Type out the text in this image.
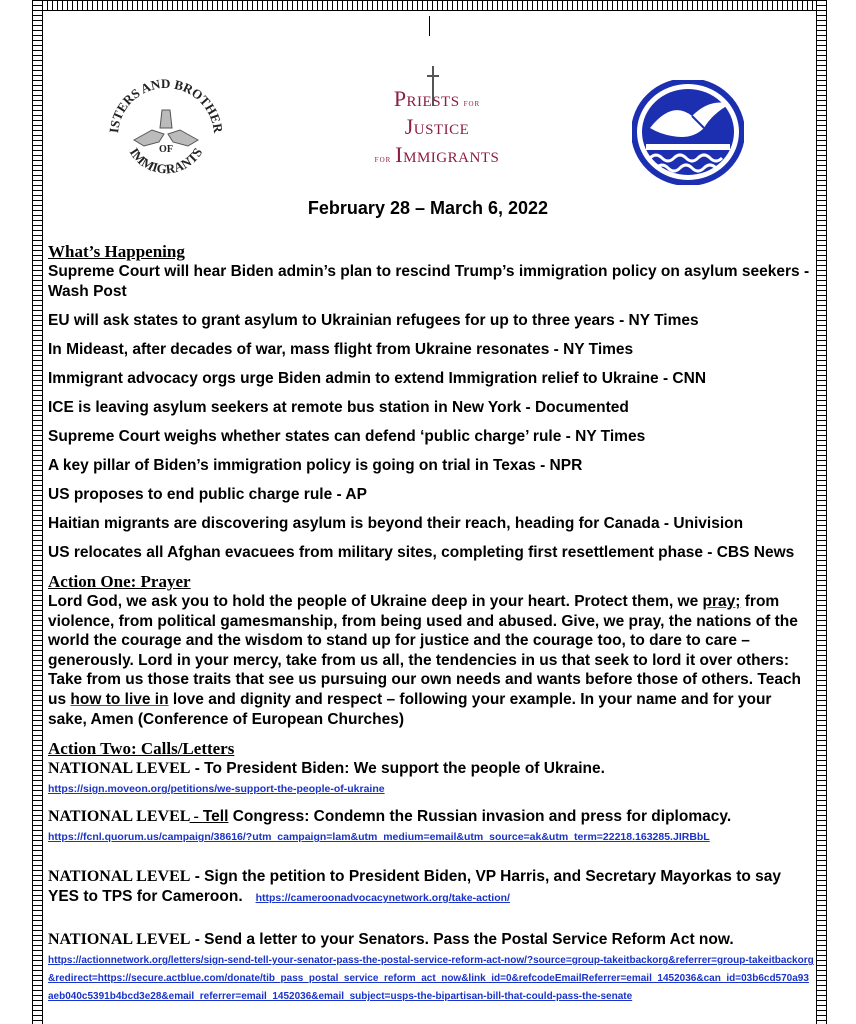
ISTERS AND BROTHER
IMMIGRANTS
OF
Priests for
Justice
for Immigrants
February 28 – March 6, 2022

What’s Happening

Supreme Court will hear Biden admin’s plan to rescind Trump’s immigration policy on asylum seekers - Wash Post

EU will ask states to grant asylum to Ukrainian refugees for up to three years - NY Times

In Mideast, after decades of war, mass flight from Ukraine resonates - NY Times

Immigrant advocacy orgs urge Biden admin to extend Immigration relief to Ukraine - CNN

ICE is leaving asylum seekers at remote bus station in New York - Documented

Supreme Court weighs whether states can defend ‘public charge’ rule - NY Times

A key pillar of Biden’s immigration policy is going on trial in Texas - NPR

US proposes to end public charge rule - AP

Haitian migrants are discovering asylum is beyond their reach, heading for Canada - Univision

US relocates all Afghan evacuees from military sites, completing first resettlement phase - CBS News

Action One: Prayer

Lord God, we ask you to hold the people of Ukraine deep in your heart. Protect them, we pray; from violence, from political gamesmanship, from being used and abused. Give, we pray, the nations of the world the courage and the wisdom to stand up for justice and the courage too, to dare to care – generously. Lord in your mercy, take from us all, the tendencies in us that seek to lord it over others: Take from us those traits that see us pursuing our own needs and wants before those of others. Teach us how to live in love and dignity and respect – following your example. In your name and for your sake, Amen (Conference of European Churches)

Action Two: Calls/Letters

NATIONAL LEVEL - To President Biden: We support the people of Ukraine.
https://sign.moveon.org/petitions/we-support-the-people-of-ukraine
NATIONAL LEVEL - Tell Congress: Condemn the Russian invasion and press for diplomacy.
https://fcnl.quorum.us/campaign/38616/?utm_campaign=lam&utm_medium=email&utm_source=ak&utm_term=22218.163285.JIRBbL
NATIONAL LEVEL - Sign the petition to President Biden, VP Harris, and Secretary Mayorkas to say YES to TPS for Cameroon. https://cameroonadvocacynetwork.org/take-action/
NATIONAL LEVEL - Send a letter to your Senators. Pass the Postal Service Reform Act now.
https://actionnetwork.org/letters/sign-send-tell-your-senator-pass-the-postal-service-reform-act-now/?source=group-takeitbackorg&referrer=group-takeitbackorg&redirect=https://secure.actblue.com/donate/tib_pass_postal_service_reform_act_now&link_id=0&refcodeEmailReferrer=email_1452036&can_id=03b6cd570a93aeb040c5391b4bcd3e28&email_referrer=email_1452036&email_subject=usps-the-bipartisan-bill-that-could-pass-the-senate
